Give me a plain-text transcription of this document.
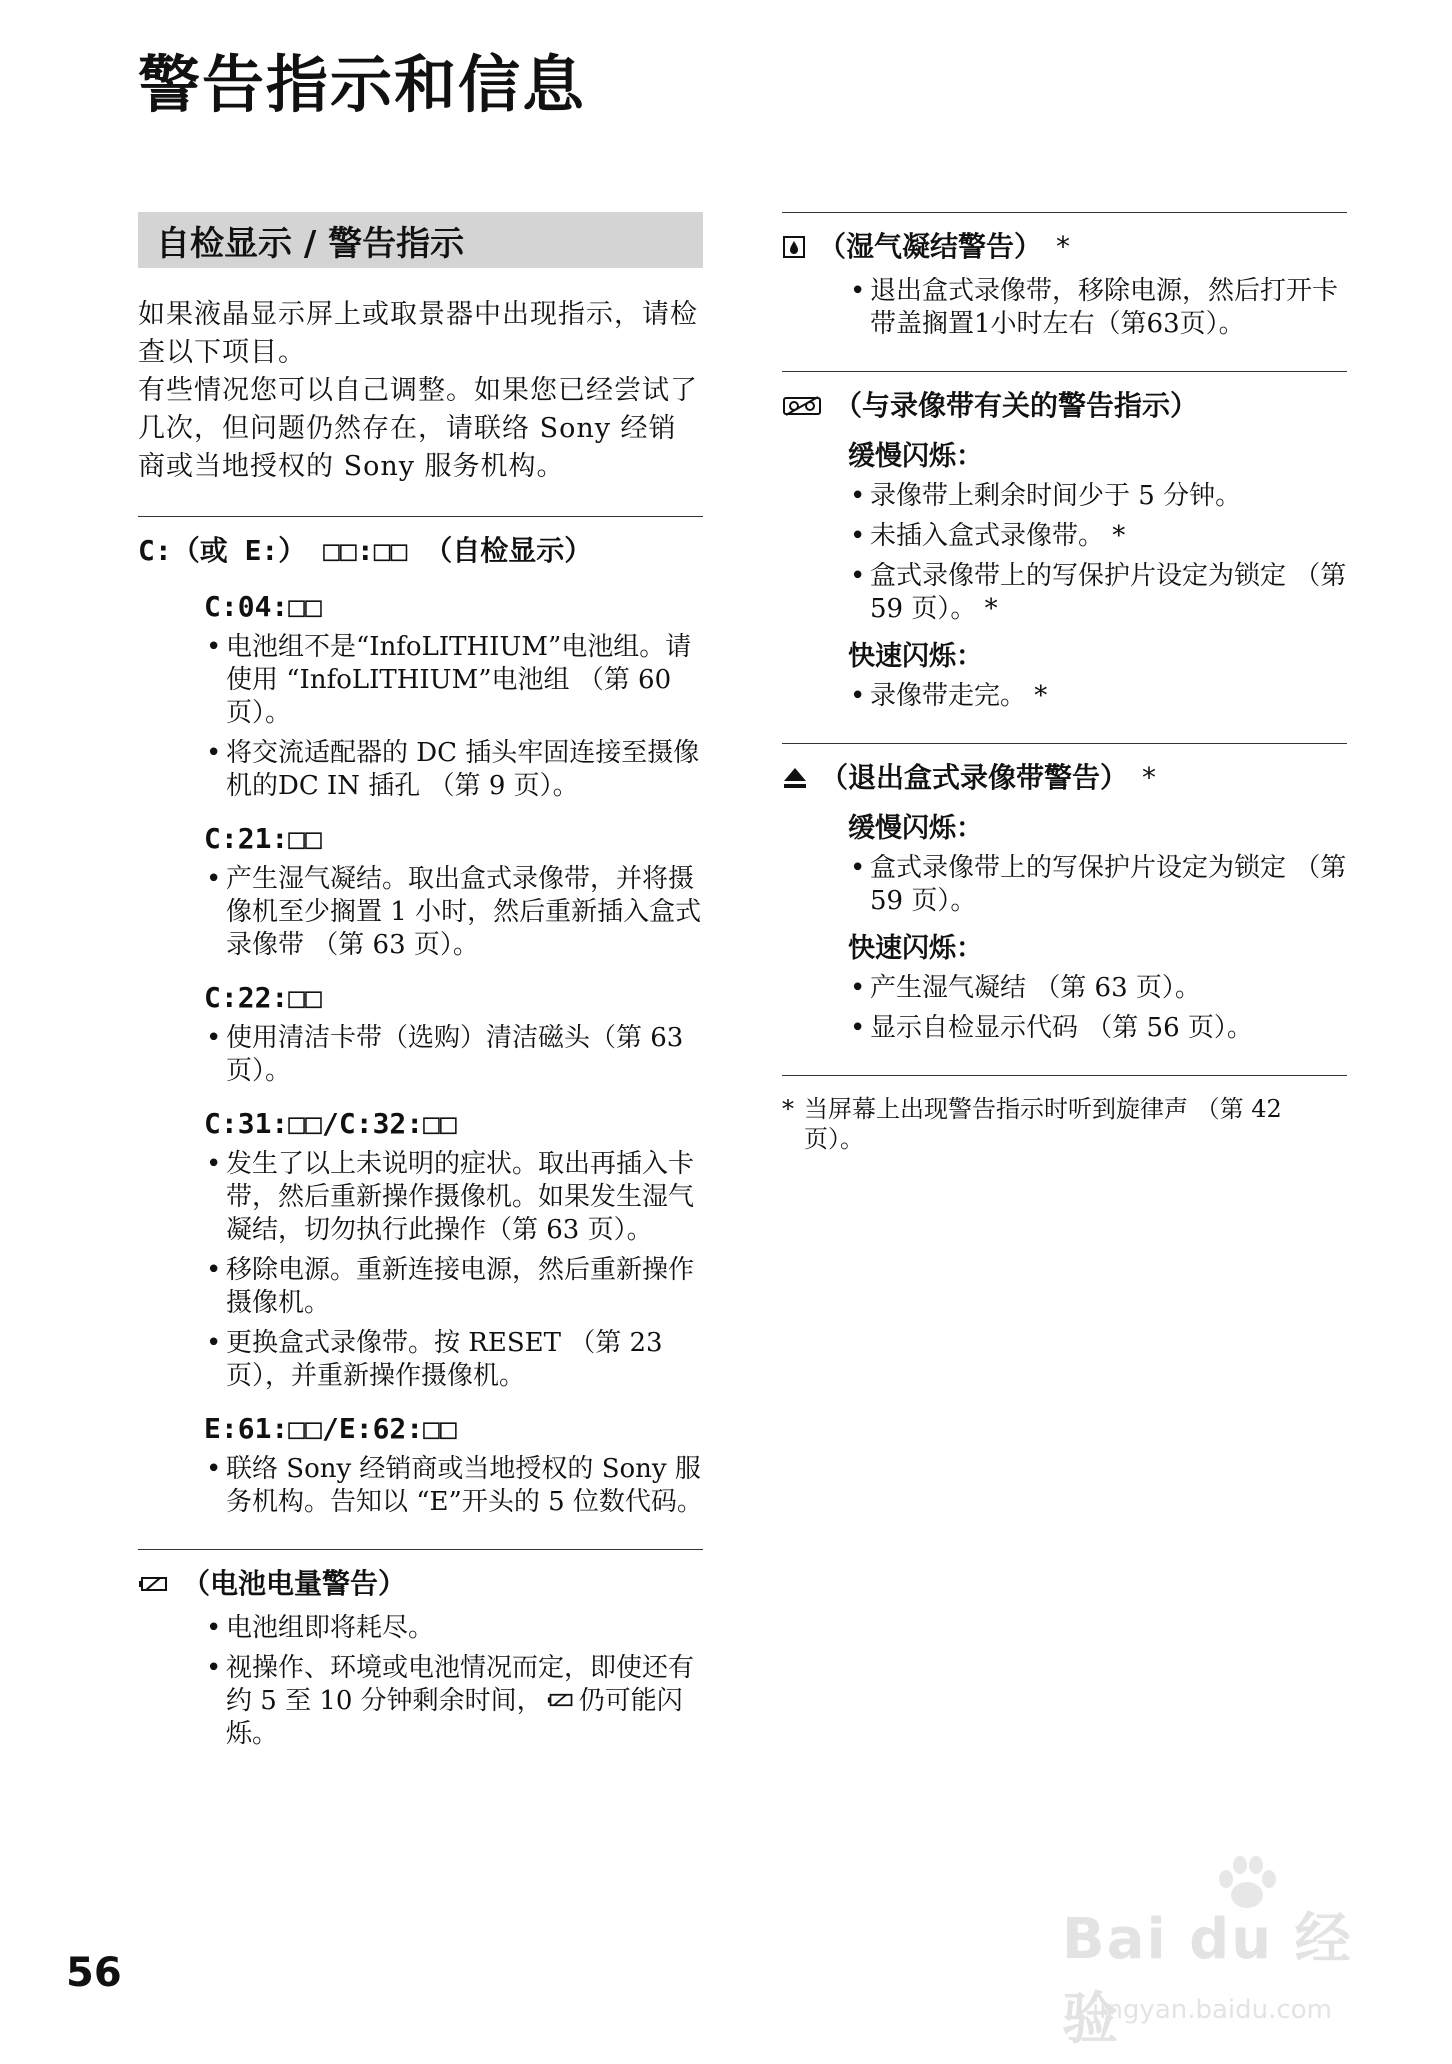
警告指示和信息
自检显示 / 警告指示

如果液晶显示屏上或取景器中出现指示，请检查以下项目。

有些情况您可以自己调整。如果您已经尝试了几次，但问题仍然存在，请联络 Sony 经销商或当地授权的 Sony 服务机构。

C:（或 E:） □□:□□ （自检显示）
C:04:□□
• 电池组不是“InfoLITHIUM”电池组。请使用 “InfoLITHIUM”电池组 （第 60 页）。
• 将交流适配器的 DC 插头牢固连接至摄像机的DC IN 插孔 （第 9 页）。
C:21:□□
• 产生湿气凝结。取出盒式录像带，并将摄像机至少搁置 1 小时，然后重新插入盒式录像带 （第 63 页）。
C:22:□□
• 使用清洁卡带（选购）清洁磁头（第 63 页）。
C:31:□□/C:32:□□
• 发生了以上未说明的症状。取出再插入卡带，然后重新操作摄像机。如果发生湿气凝结，切勿执行此操作（第 63 页）。
• 移除电源。重新连接电源，然后重新操作摄像机。
• 更换盒式录像带。按 RESET （第 23 页），并重新操作摄像机。
E:61:□□/E:62:□□
• 联络 Sony 经销商或当地授权的 Sony 服务机构。告知以 “E”开头的 5 位数代码。
（电池电量警告）
• 电池组即将耗尽。
• 视操作、环境或电池情况而定，即使还有约 5 至 10 分钟剩余时间， 仍可能闪烁。
（湿气凝结警告） *
• 退出盒式录像带，移除电源，然后打开卡带盖搁置1小时左右（第63页）。
（与录像带有关的警告指示）
缓慢闪烁：
• 录像带上剩余时间少于 5 分钟。
• 未插入盒式录像带。 *
• 盒式录像带上的写保护片设定为锁定 （第 59 页）。 *
快速闪烁：
• 录像带走完。 *
（退出盒式录像带警告） *
缓慢闪烁：
• 盒式录像带上的写保护片设定为锁定 （第 59 页）。
快速闪烁：
• 产生湿气凝结 （第 63 页）。
• 显示自检显示代码 （第 56 页）。
* 当屏幕上出现警告指示时听到旋律声 （第 42 页）。
56
Bai du 经验
jingyan.baidu.com
